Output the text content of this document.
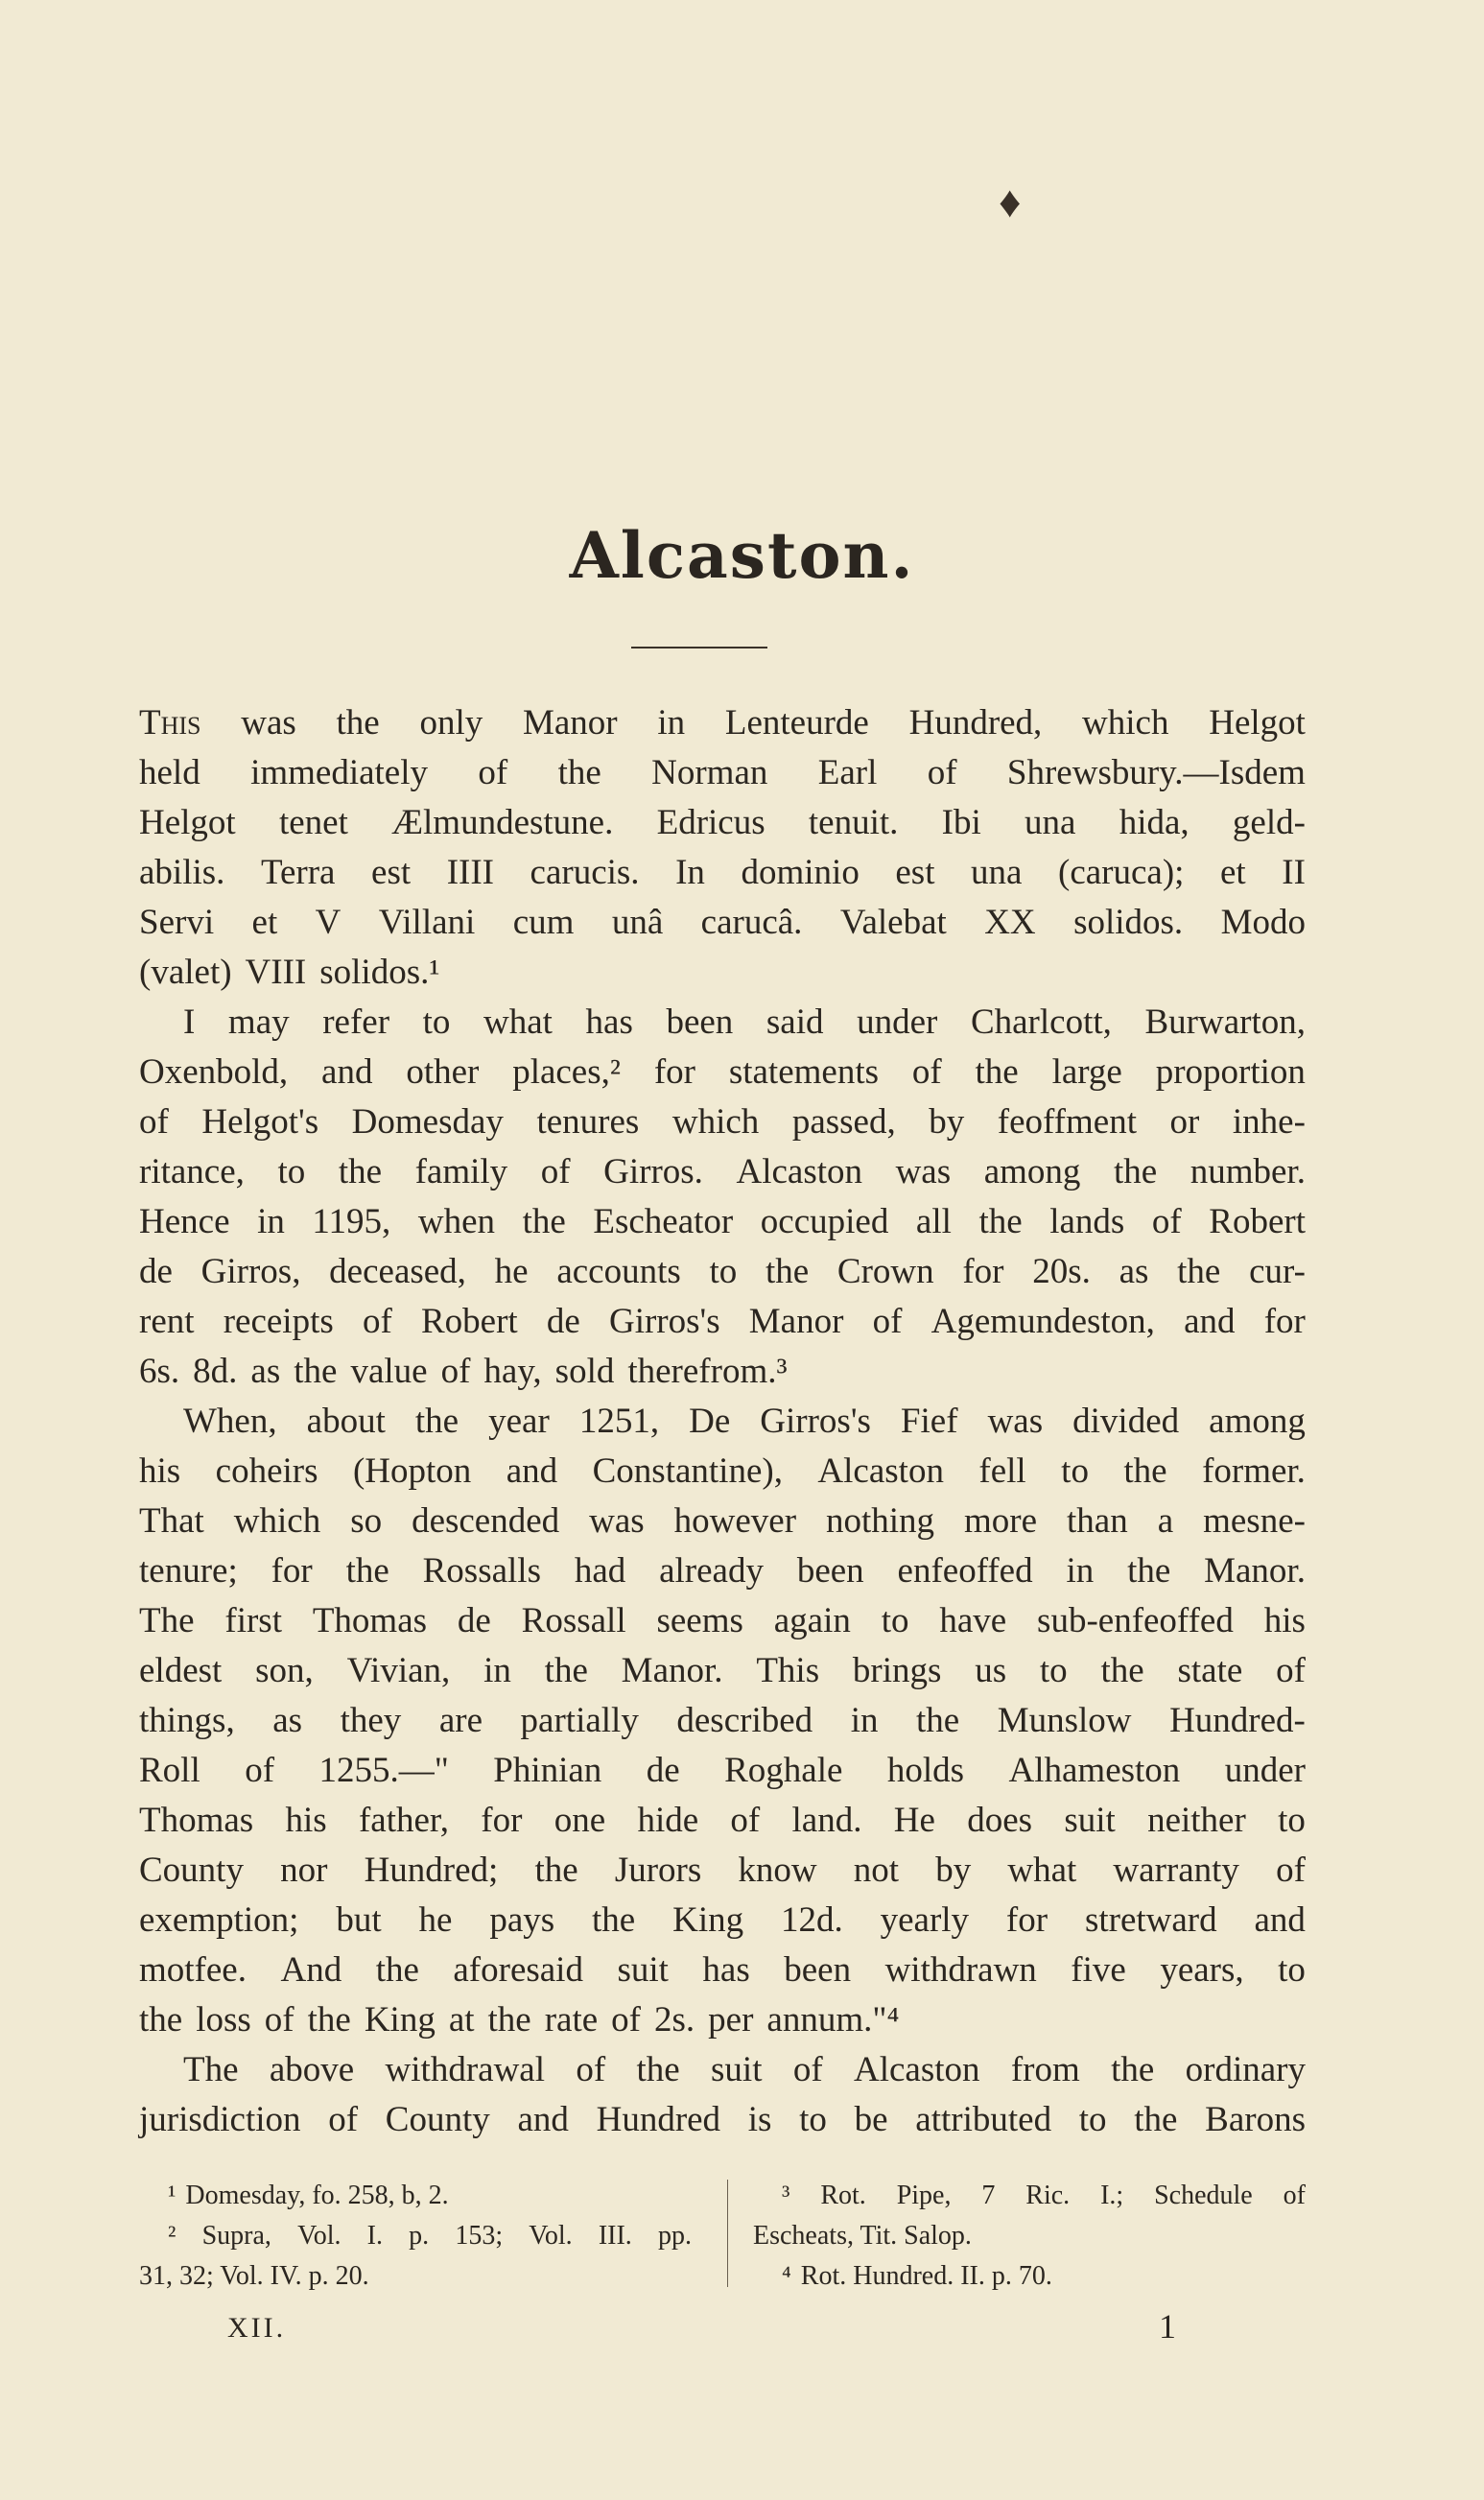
♦
Alcaston.
This was the only Manor in Lenteurde Hundred, which Helgot
held immediately of the Norman Earl of Shrewsbury.—Isdem
Helgot tenet Ælmundestune. Edricus tenuit. Ibi una hida, geld-
abilis. Terra est IIII carucis. In dominio est una (caruca); et II
Servi et V Villani cum unâ carucâ. Valebat XX solidos. Modo
(valet) VIII solidos.¹
I may refer to what has been said under Charlcott, Burwarton,
Oxenbold, and other places,² for statements of the large proportion
of Helgot's Domesday tenures which passed, by feoffment or inhe-
ritance, to the family of Girros. Alcaston was among the number.
Hence in 1195, when the Escheator occupied all the lands of Robert
de Girros, deceased, he accounts to the Crown for 20s. as the cur-
rent receipts of Robert de Girros's Manor of Agemundeston, and for
6s. 8d. as the value of hay, sold therefrom.³
When, about the year 1251, De Girros's Fief was divided among
his coheirs (Hopton and Constantine), Alcaston fell to the former.
That which so descended was however nothing more than a mesne-
tenure; for the Rossalls had already been enfeoffed in the Manor.
The first Thomas de Rossall seems again to have sub-enfeoffed his
eldest son, Vivian, in the Manor. This brings us to the state of
things, as they are partially described in the Munslow Hundred-
Roll of 1255.—" Phinian de Roghale holds Alhameston under
Thomas his father, for one hide of land. He does suit neither to
County nor Hundred; the Jurors know not by what warranty of
exemption; but he pays the King 12d. yearly for stretward and
motfee. And the aforesaid suit has been withdrawn five years, to
the loss of the King at the rate of 2s. per annum."⁴
The above withdrawal of the suit of Alcaston from the ordinary
jurisdiction of County and Hundred is to be attributed to the Barons
¹ Domesday, fo. 258, b, 2.
² Supra, Vol. I. p. 153; Vol. III. pp.
31, 32; Vol. IV. p. 20.
³ Rot. Pipe, 7 Ric. I.; Schedule of
Escheats, Tit. Salop.
⁴ Rot. Hundred. II. p. 70.
XII.	1
